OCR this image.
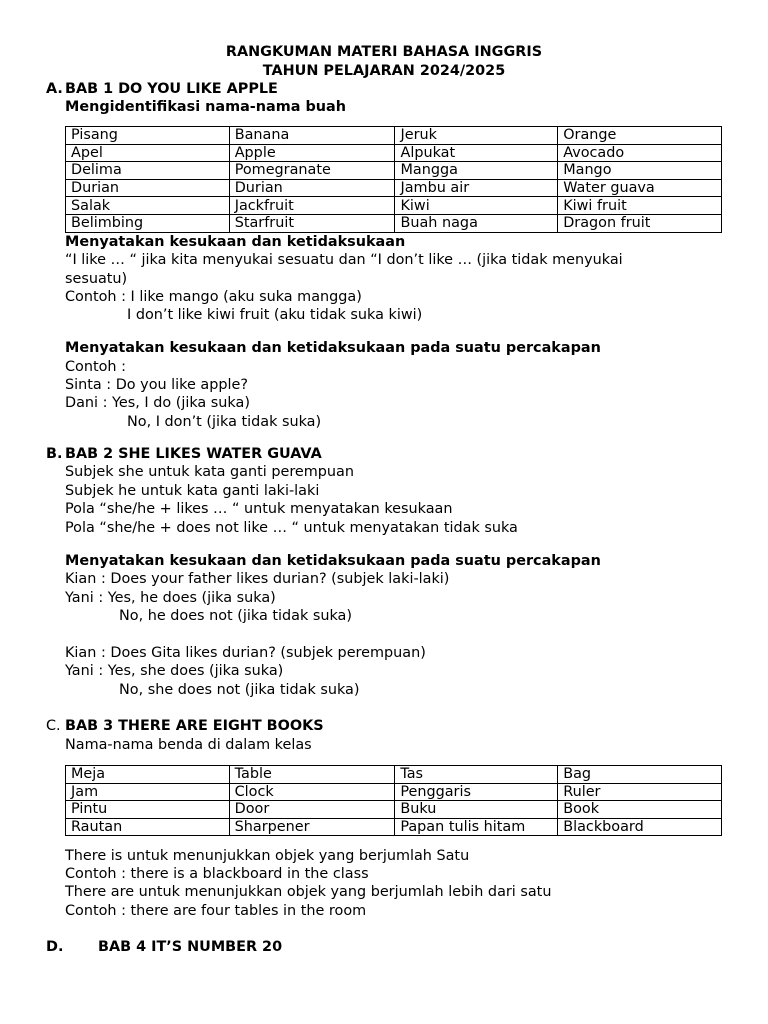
RANGKUMAN MATERI BAHASA INGGRIS
TAHUN PELAJARAN 2024/2025
A. BAB 1 DO YOU LIKE APPLE
Mengidentifikasi nama-nama buah
Pisang	Banana	Jeruk	Orange
Apel	Apple	Alpukat	Avocado
Delima	Pomegranate	Mangga	Mango
Durian	Durian	Jambu air	Water guava
Salak	Jackfruit	Kiwi	Kiwi fruit
Belimbing	Starfruit	Buah naga	Dragon fruit
Menyatakan kesukaan dan ketidaksukaan
“I like … “ jika kita menyukai sesuatu dan “I don’t like … (jika tidak menyukai
sesuatu)
Contoh : I like mango (aku suka mangga)
I don’t like kiwi fruit (aku tidak suka kiwi)
Menyatakan kesukaan dan ketidaksukaan pada suatu percakapan
Contoh :
Sinta : Do you like apple?
Dani : Yes, I do (jika suka)
No, I don’t (jika tidak suka)
B. BAB 2 SHE LIKES WATER GUAVA
Subjek she untuk kata ganti perempuan
Subjek he untuk kata ganti laki-laki
Pola “she/he + likes … “ untuk menyatakan kesukaan
Pola “she/he + does not like … “ untuk menyatakan tidak suka
Menyatakan kesukaan dan ketidaksukaan pada suatu percakapan
Kian : Does your father likes durian? (subjek laki-laki)
Yani : Yes, he does (jika suka)
No, he does not (jika tidak suka)
Kian : Does Gita likes durian? (subjek perempuan)
Yani : Yes, she does (jika suka)
No, she does not (jika tidak suka)
C. BAB 3 THERE ARE EIGHT BOOKS
Nama-nama benda di dalam kelas
Meja	Table	Tas	Bag
Jam	Clock	Penggaris	Ruler
Pintu	Door	Buku	Book
Rautan	Sharpener	Papan tulis hitam	Blackboard
There is untuk menunjukkan objek yang berjumlah Satu
Contoh : there is a blackboard in the class
There are untuk menunjukkan objek yang berjumlah lebih dari satu
Contoh : there are four tables in the room
D. BAB 4 IT’S NUMBER 20
